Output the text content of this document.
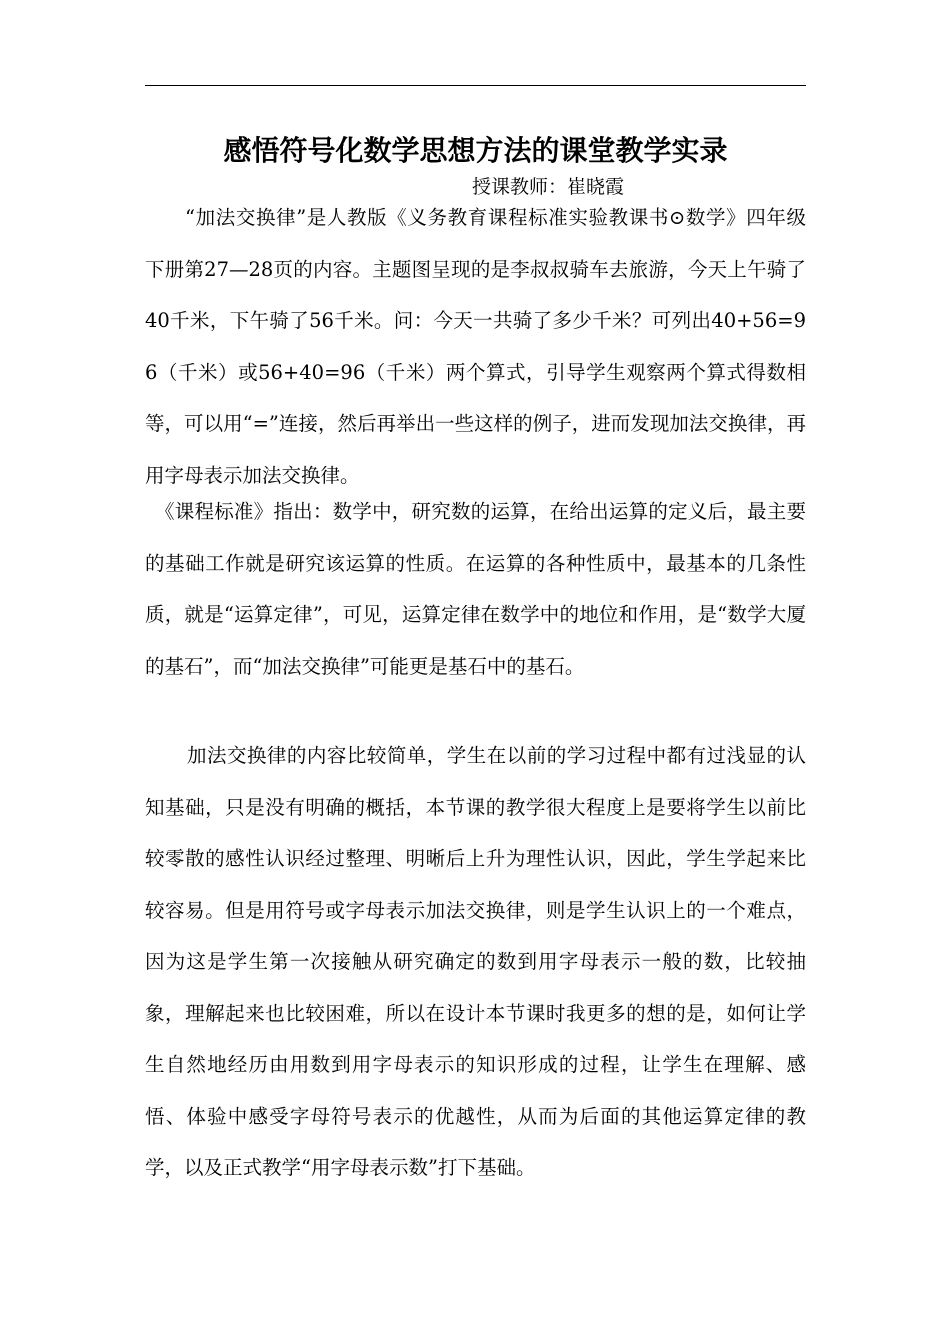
感悟符号化数学思想方法的课堂教学实录
授课教师：崔晓霞

“加法交换律”是人教版《义务教育课程标准实验教课书⊙数学》四年级下册第27—28页的内容。主题图呈现的是李叔叔骑车去旅游，今天上午骑了40千米，下午骑了56千米。问：今天一共骑了多少千米？可列出40+56=96（千米）或56+40=96（千米）两个算式，引导学生观察两个算式得数相等，可以用“=”连接，然后再举出一些这样的例子，进而发现加法交换律，再用字母表示加法交换律。

《课程标准》指出：数学中，研究数的运算，在给出运算的定义后，最主要的基础工作就是研究该运算的性质。在运算的各种性质中，最基本的几条性质，就是“运算定律”，可见，运算定律在数学中的地位和作用，是“数学大厦的基石”，而“加法交换律”可能更是基石中的基石。

加法交换律的内容比较简单，学生在以前的学习过程中都有过浅显的认知基础，只是没有明确的概括，本节课的教学很大程度上是要将学生以前比较零散的感性认识经过整理、明晰后上升为理性认识，因此，学生学起来比较容易。但是用符号或字母表示加法交换律，则是学生认识上的一个难点，因为这是学生第一次接触从研究确定的数到用字母表示一般的数，比较抽象，理解起来也比较困难，所以在设计本节课时我更多的想的是，如何让学生自然地经历由用数到用字母表示的知识形成的过程，让学生在理解、感悟、体验中感受字母符号表示的优越性，从而为后面的其他运算定律的教学，以及正式教学“用字母表示数”打下基础。
